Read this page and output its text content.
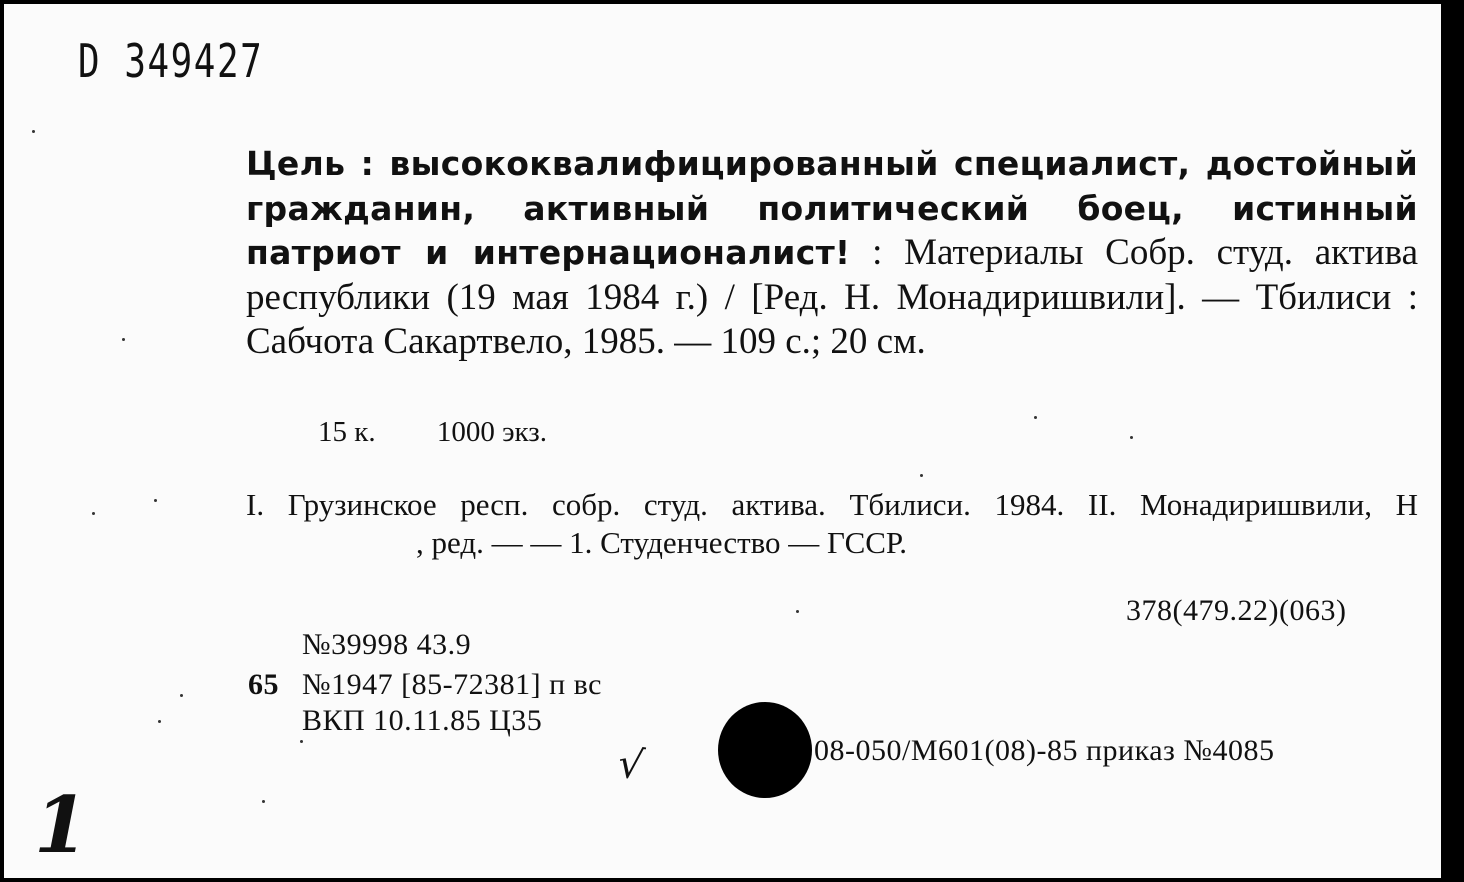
D 349427
Цель : высококвалифицированный специалист, достойный гражданин, активный политический боец, истинный патриот и интернационалист! : Материалы Собр. студ. актива республики (19 мая 1984 г.) / [Ред. Н. Монадиришвили]. — Тбилиси : Сабчота Сакартвело, 1985. — 109 с.; 20 см.
15 к. 1000 экз.
I. Грузинское респ. собр. студ. актива. Тбилиси. 1984. II. Монадиришвили, Н, ред. — — 1. Студенчество — ГССР.
378(479.22)(063)
№39998 43.9
65 №1947 [85-72381] п вс
ВКП 10.11.85 Ц35
08-050/М601(08)-85 приказ №4085
√
1
